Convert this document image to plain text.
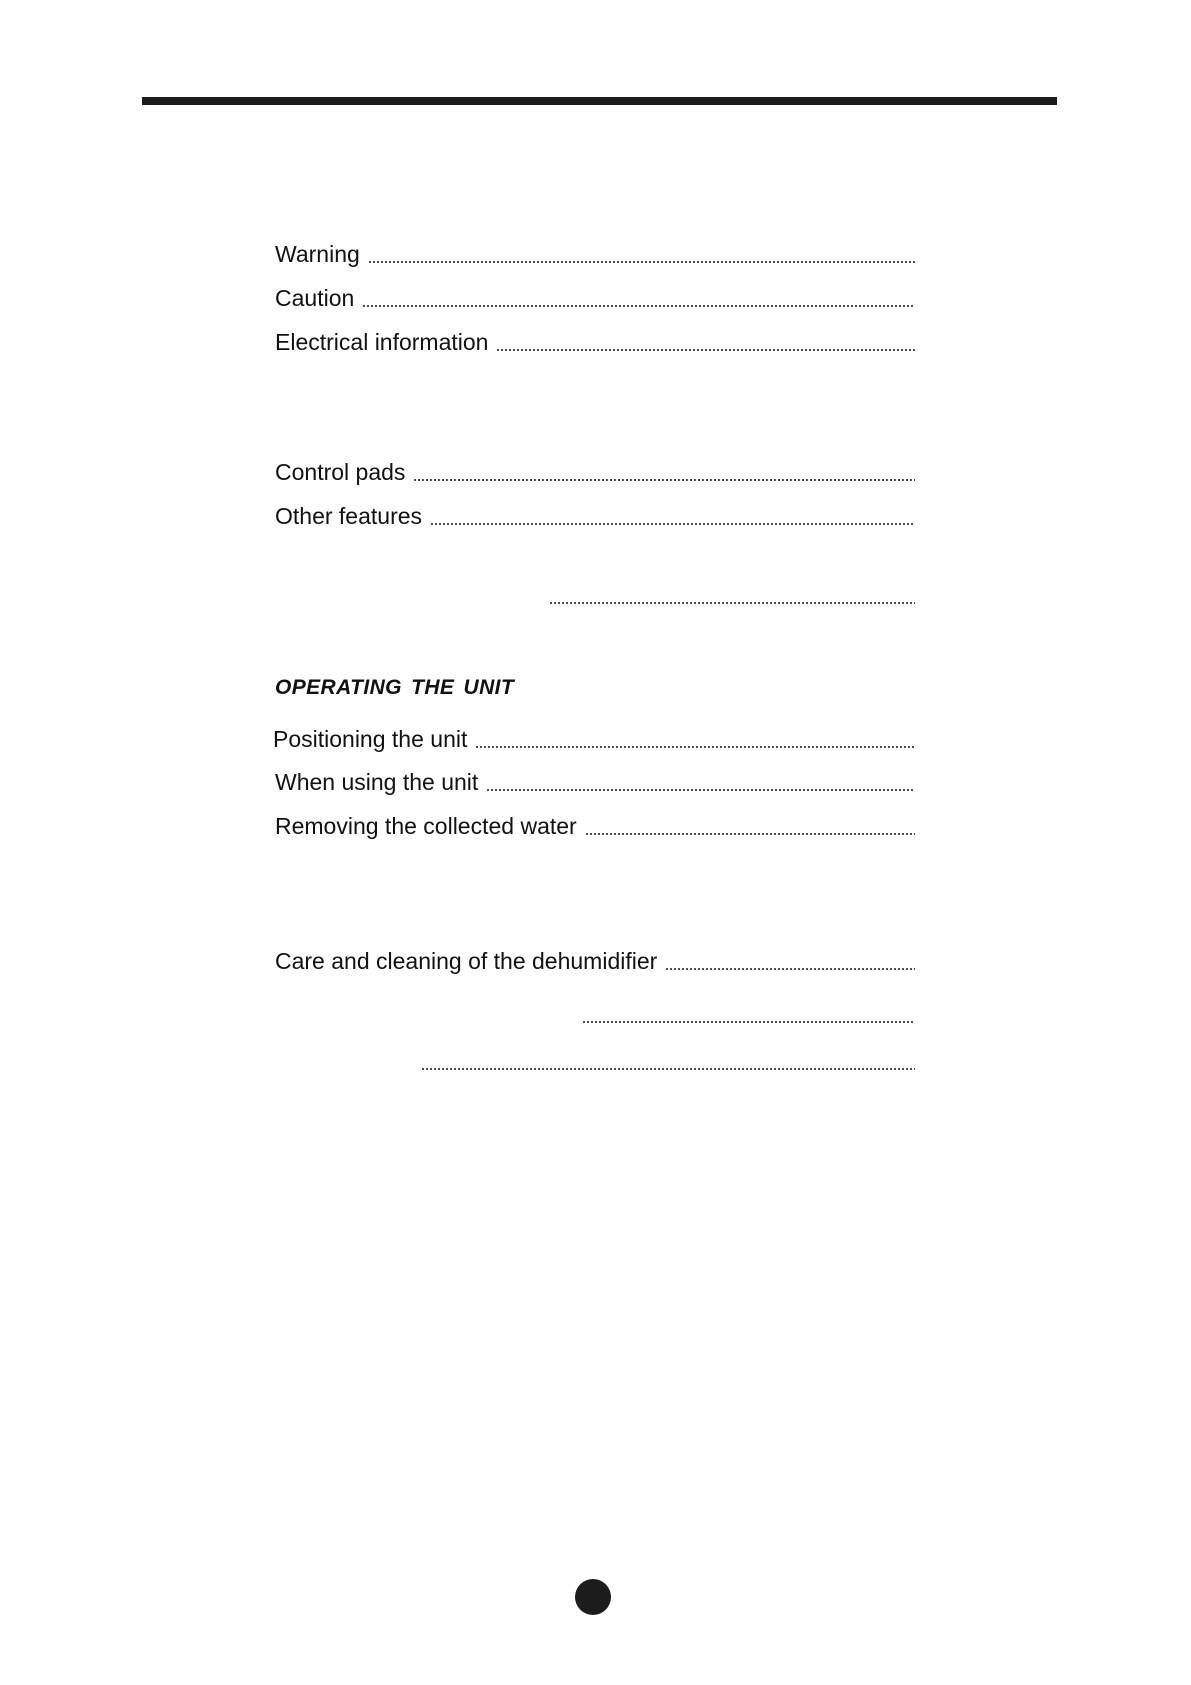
Warning
Caution
Electrical information
Control pads
Other features
OPERATING THE UNIT
Positioning the unit
When using the unit
Removing the collected water
Care and cleaning of the dehumidifier
